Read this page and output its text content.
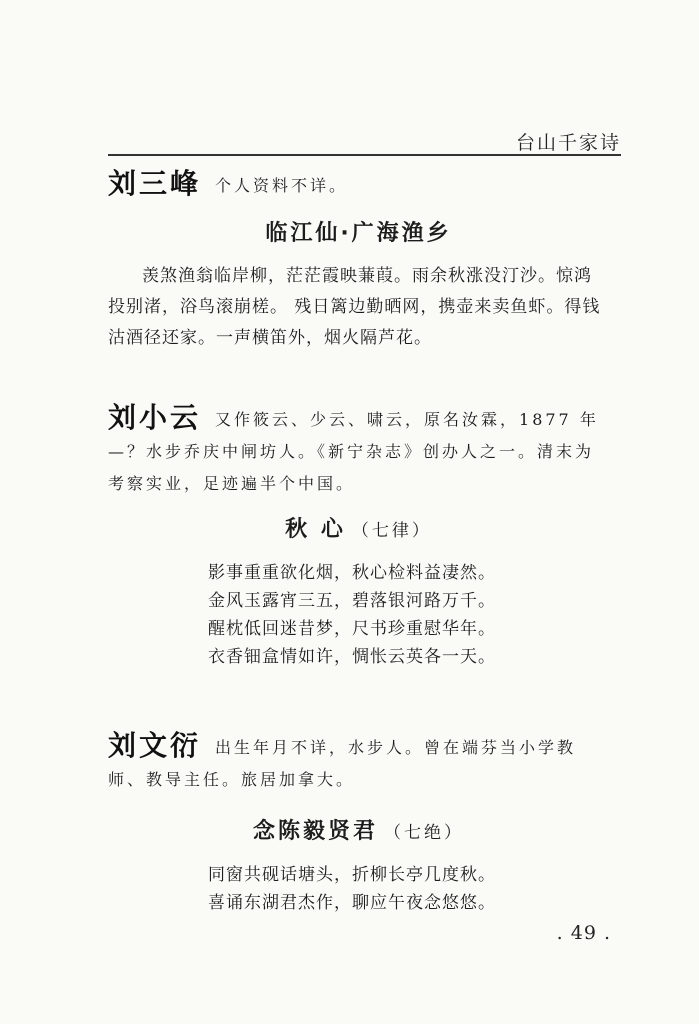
台山千家诗
刘三峰 个人资料不详。
临江仙·广海渔乡
羡煞渔翁临岸柳，茫茫霞映蒹葭。雨余秋涨没汀沙。惊鸿投别渚，浴鸟滚崩槎。 残日篱边勤晒网，携壶来卖鱼虾。得钱沽酒径还家。一声横笛外，烟火隔芦花。
刘小云 又作筱云、少云、啸云，原名汝霖，1877 年—？水步乔庆中闸坊人。《新宁杂志》创办人之一。清末为考察实业，足迹遍半个中国。
秋 心 （七律）
影事重重欲化烟，秋心检料益凄然。
金风玉露宵三五，碧落银河路万千。
醒枕低回迷昔梦，尺书珍重慰华年。
衣香钿盒情如许，惆怅云英各一天。
刘文衍 出生年月不详，水步人。曾在端芬当小学教师、教导主任。旅居加拿大。
念陈毅贤君 （七绝）
同窗共砚话塘头，折柳长亭几度秋。
喜诵东湖君杰作，聊应午夜念悠悠。
. 49 .
